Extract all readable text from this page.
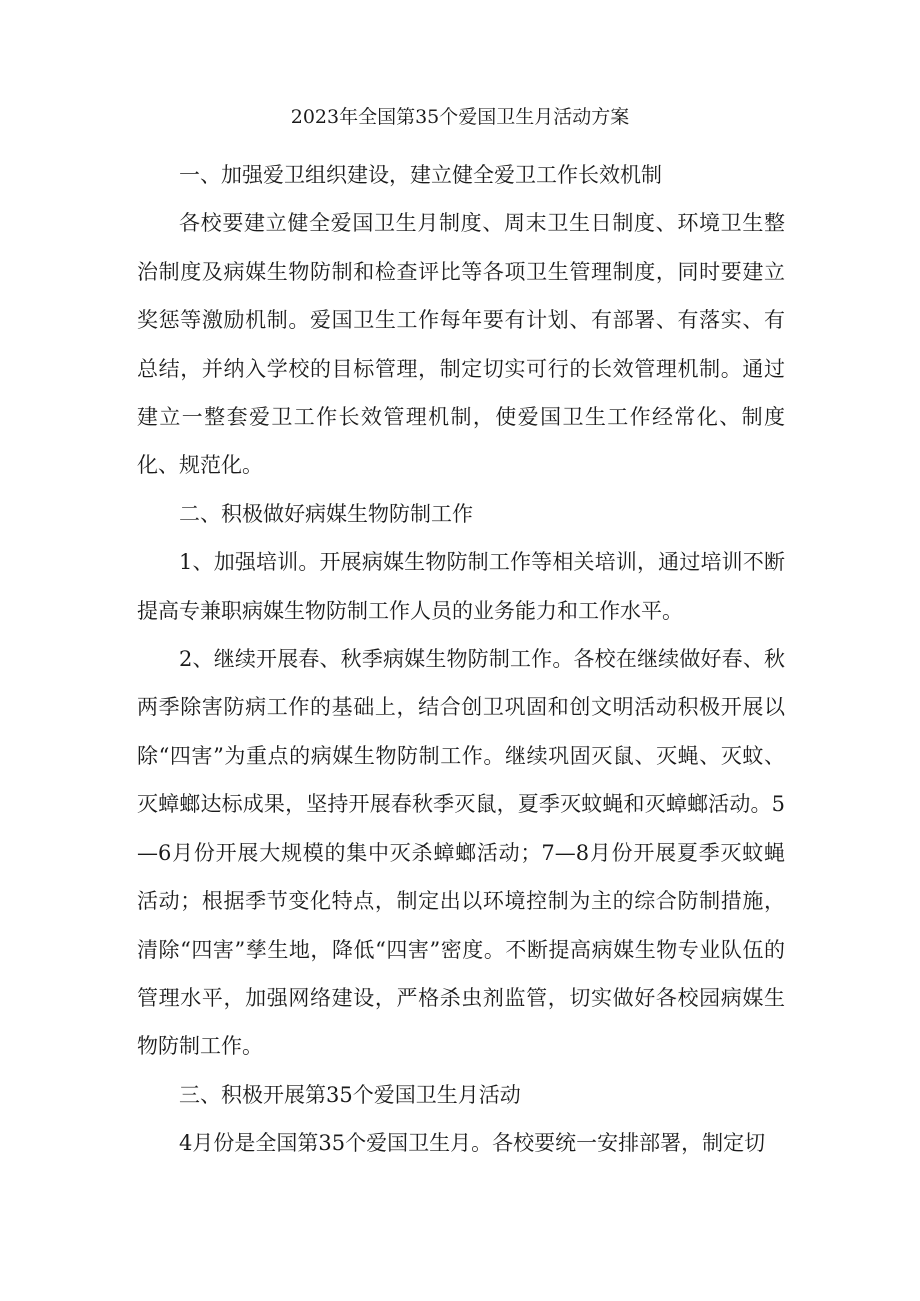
2023年全国第35个爱国卫生月活动方案

一、加强爱卫组织建设，建立健全爱卫工作长效机制

各校要建立健全爱国卫生月制度、周末卫生日制度、环境卫生整治制度及病媒生物防制和检查评比等各项卫生管理制度，同时要建立奖惩等激励机制。爱国卫生工作每年要有计划、有部署、有落实、有总结，并纳入学校的目标管理，制定切实可行的长效管理机制。通过建立一整套爱卫工作长效管理机制，使爱国卫生工作经常化、制度化、规范化。

二、积极做好病媒生物防制工作

1、加强培训。开展病媒生物防制工作等相关培训，通过培训不断提高专兼职病媒生物防制工作人员的业务能力和工作水平。

2、继续开展春、秋季病媒生物防制工作。各校在继续做好春、秋两季除害防病工作的基础上，结合创卫巩固和创文明活动积极开展以除“四害”为重点的病媒生物防制工作。继续巩固灭鼠、灭蝇、灭蚊、灭蟑螂达标成果，坚持开展春秋季灭鼠，夏季灭蚊蝇和灭蟑螂活动。5—6月份开展大规模的集中灭杀蟑螂活动；7—8月份开展夏季灭蚊蝇活动；根据季节变化特点，制定出以环境控制为主的综合防制措施，清除“四害”孳生地，降低“四害”密度。不断提高病媒生物专业队伍的管理水平，加强网络建设，严格杀虫剂监管，切实做好各校园病媒生物防制工作。

三、积极开展第35个爱国卫生月活动

4月份是全国第35个爱国卫生月。各校要统一安排部署，制定切
